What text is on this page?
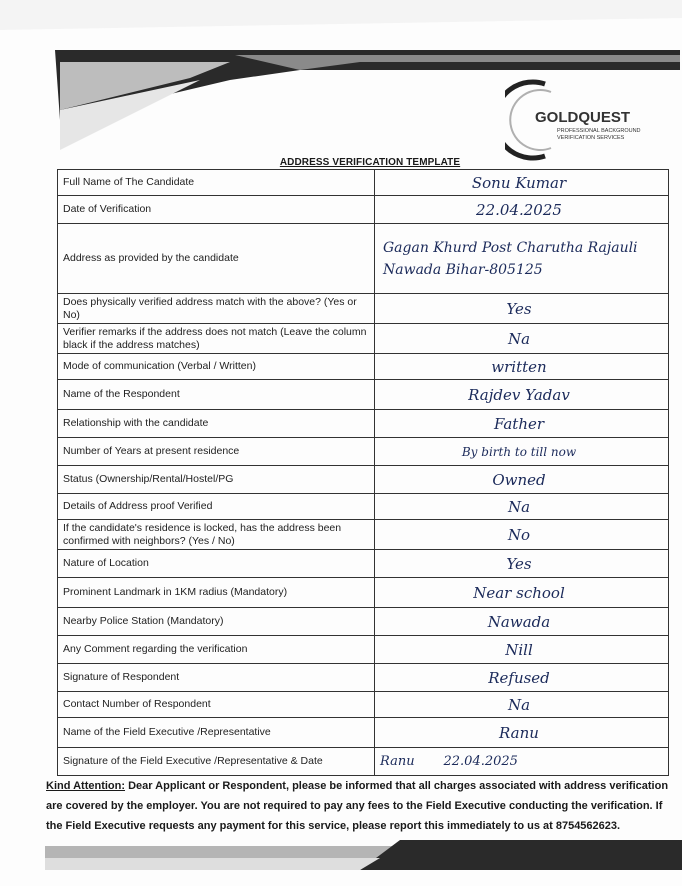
GOLDQUEST
PROFESSIONAL BACKGROUND
VERIFICATION SERVICES
ADDRESS VERIFICATION TEMPLATE
Full Name of The Candidate	Sonu Kumar
Date of Verification	22.04.2025
Address as provided by the candidate	Gagan Khurd Post Charutha Rajauli Nawada Bihar-805125
Does physically verified address match with the above? (Yes or No)	Yes
Verifier remarks if the address does not match (Leave the column black if the address matches)	Na
Mode of communication (Verbal / Written)	written
Name of the Respondent	Rajdev Yadav
Relationship with the candidate	Father
Number of Years at present residence	By birth to till now
Status (Ownership/Rental/Hostel/PG	Owned
Details of Address proof Verified	Na
If the candidate's residence is locked, has the address been confirmed with neighbors? (Yes / No)	No
Nature of Location	Yes
Prominent Landmark in 1KM radius (Mandatory)	Near school
Nearby Police Station (Mandatory)	Nawada
Any Comment regarding the verification	Nill
Signature of Respondent	Refused
Contact Number of Respondent	Na
Name of the Field Executive /Representative	Ranu
Signature of the Field Executive /Representative & Date	Ranu       22.04.2025
Kind Attention: Dear Applicant or Respondent, please be informed that all charges associated with address verification are covered by the employer. You are not required to pay any fees to the Field Executive conducting the verification. If the Field Executive requests any payment for this service, please report this immediately to us at 8754562623.
